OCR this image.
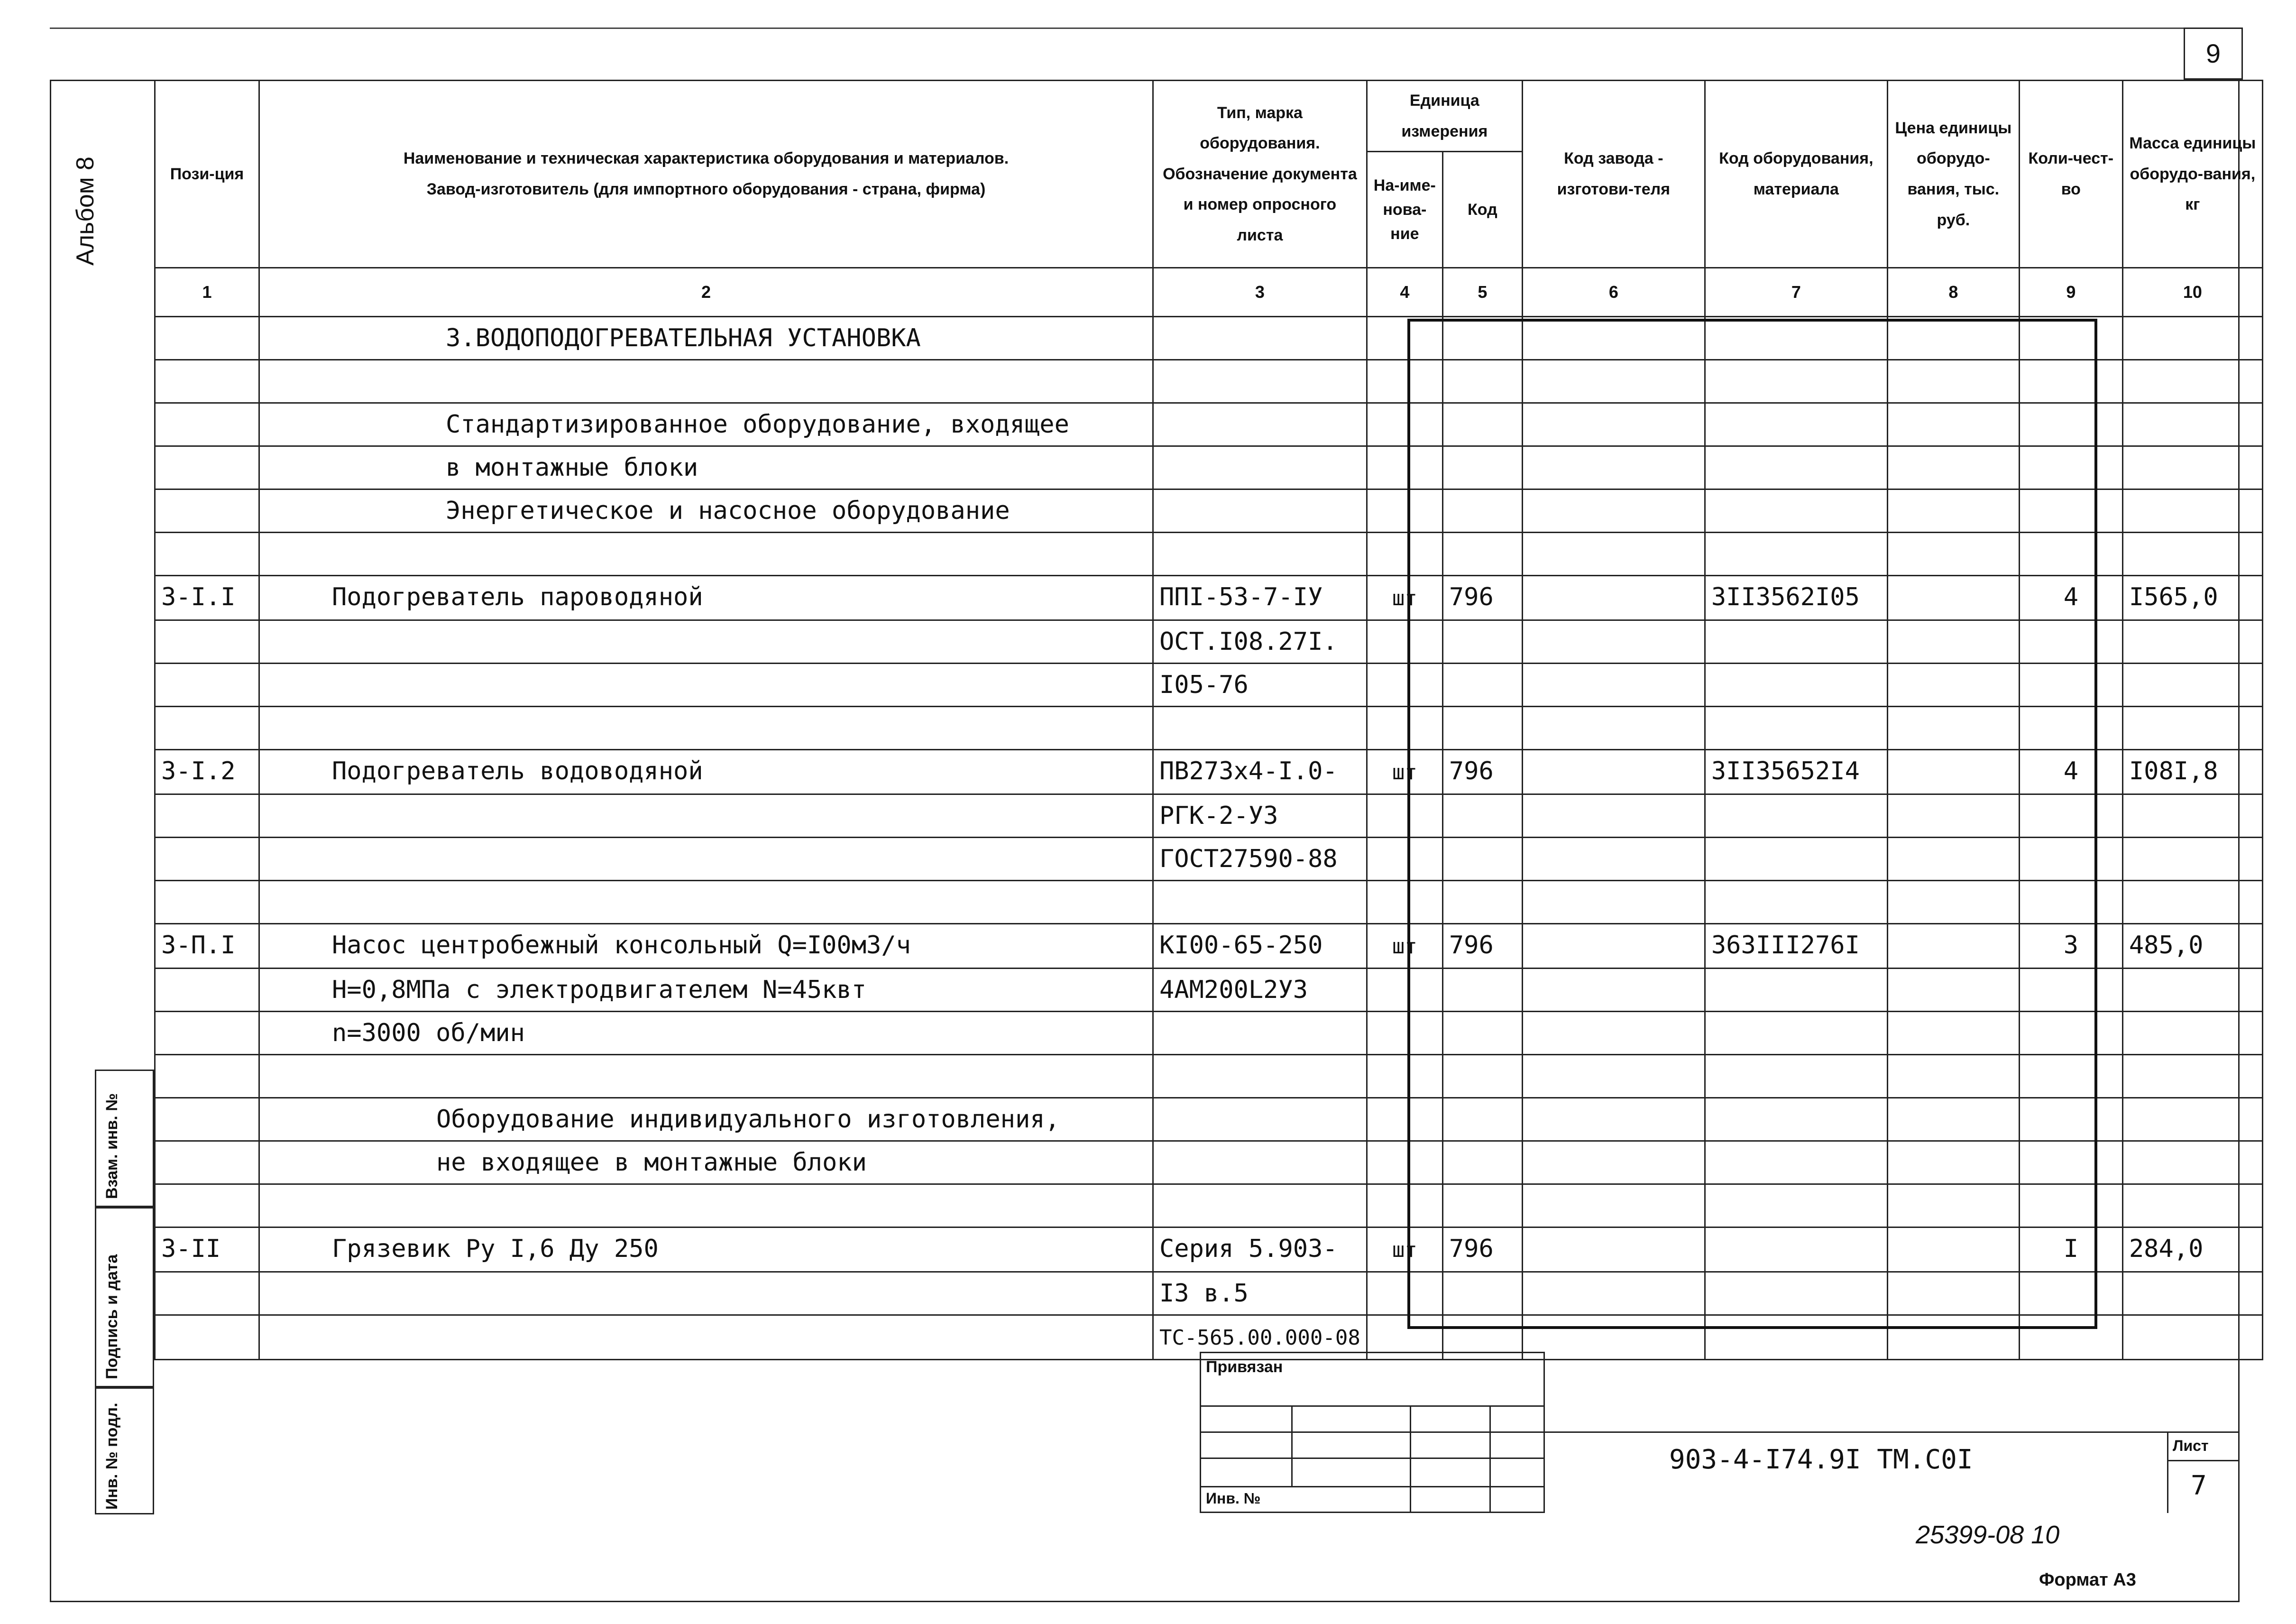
9
Альбом 8
Взам. инв. №
Подпись и дата
Инв. № подл.
Пози-ция	Наименование и техническая характеристика оборудования и материалов.
Завод-изготовитель (для импортного оборудования - страна, фирма)	Тип, марка оборудования. Обозначение документа и номер опросного листа	Единица измерения		Код завода - изготови-теля	Код оборудования, материала	Цена единицы оборудо-вания, тыс. руб.	Коли-чест-во	Масса единицы оборудо-вания, кг
			На-име-нова-ние	Код					
1	2	3	4	5	6	7	8	9	10
	3.ВОДОПОДОГРЕВАТЕЛЬНАЯ УСТАНОВКА								

	Стандартизированное оборудование, входящее								
	в монтажные блоки								
	Энергетическое и насосное оборудование								

3-I.I	Подогреватель пароводяной	ППI-53-7-IУ	шт	796		3II3562I05		4	I565,0
		ОСТ.I08.27I.							
		I05-76							

3-I.2	Подогреватель водоводяной	ПВ273х4-I.0-	шт	796		3II35652I4		4	I08I,8
		РГК-2-У3							
		ГОСТ27590-88							

3-П.I	Насос центробежный консольный Q=I00м3/ч	КI00-65-250	шт	796		363III276I		3	485,0
	Н=0,8МПа с электродвигателем N=45квт	4АМ200L2У3							
	n=3000 об/мин								

	Оборудование индивидуального изготовления,								
	не входящее в монтажные блоки								

3-II	Грязевик Ру I,6 Ду 250	Серия 5.903-	шт	796				I	284,0
		I3 в.5							
		ТС-565.00.000-08							
Привязан
Инв. №
903-4-I74.9I ТМ.С0I	Лист
7
25399-08 10
Формат А3
